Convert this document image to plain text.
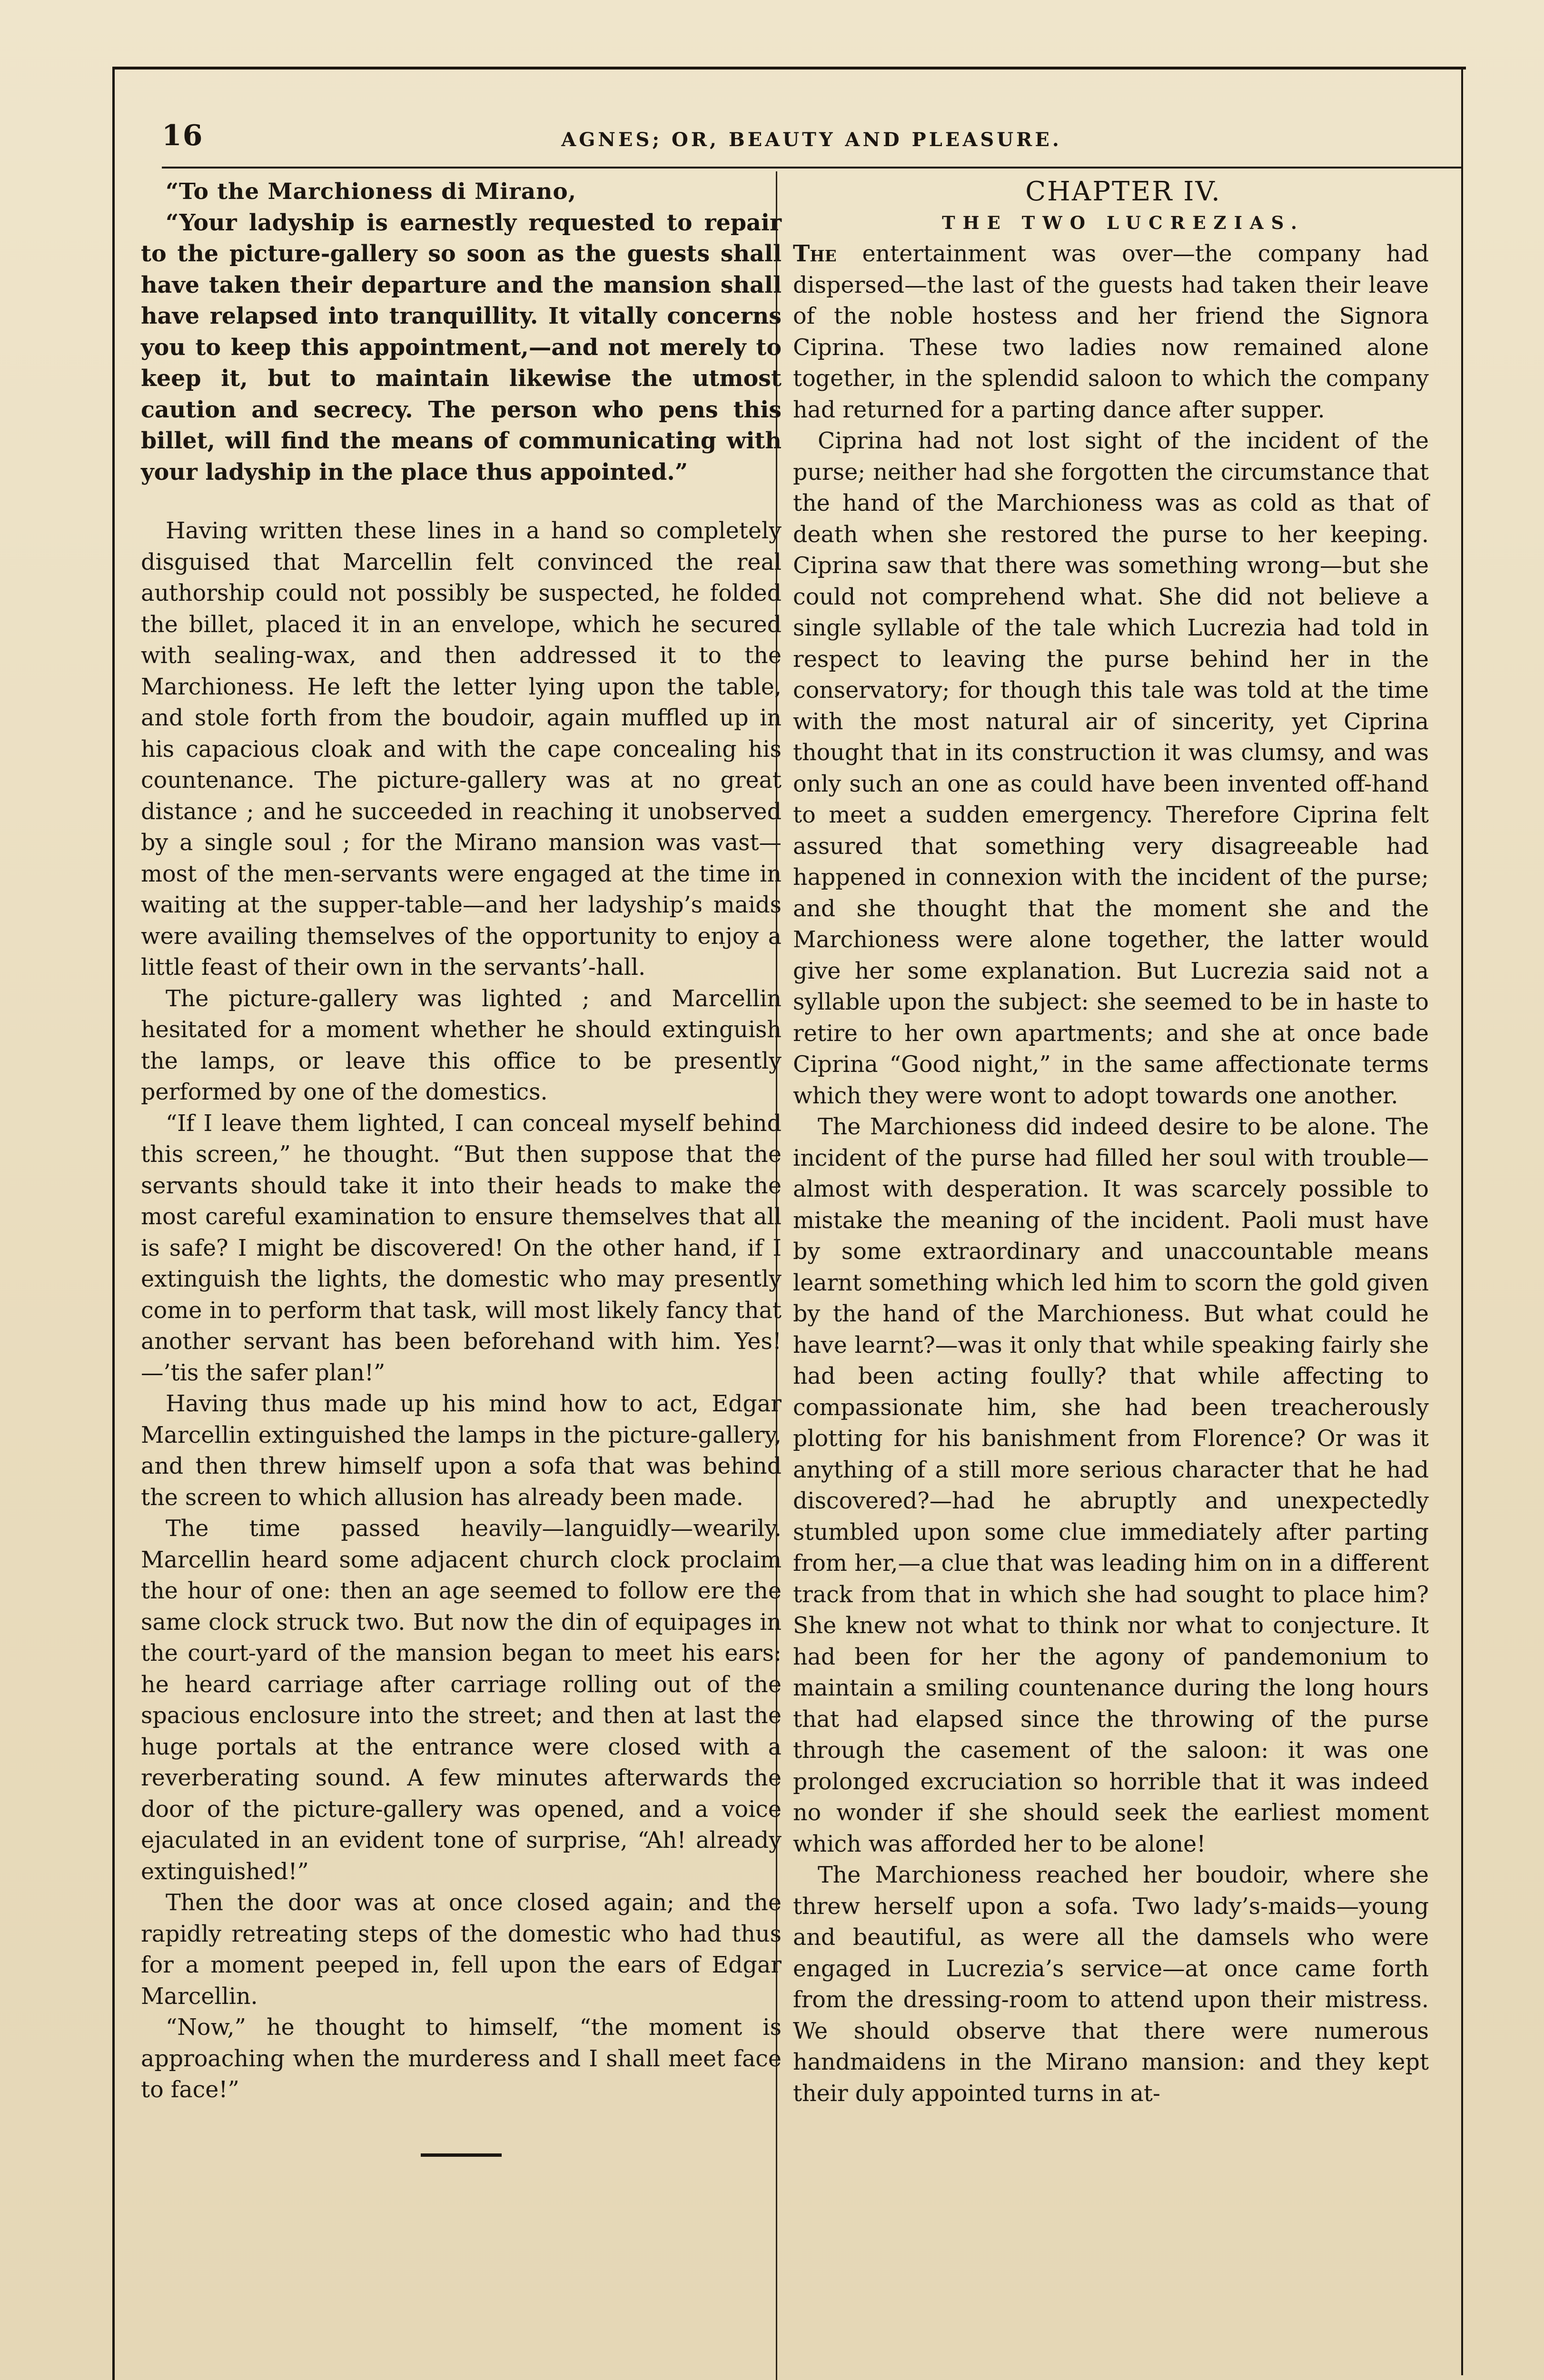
16	AGNES; OR, BEAUTY AND PLEASURE.

“To the Marchioness di Mirano,

“Your ladyship is earnestly requested to repair to the picture-gallery so soon as the guests shall have taken their departure and the mansion shall have relapsed into tranquillity. It vitally concerns you to keep this appointment,—and not merely to keep it, but to maintain likewise the utmost caution and secrecy. The person who pens this billet, will find the means of communicating with your ladyship in the place thus appointed.”

Having written these lines in a hand so completely disguised that Marcellin felt convinced the real authorship could not possibly be suspected, he folded the billet, placed it in an envelope, which he secured with sealing-wax, and then addressed it to the Marchioness. He left the letter lying upon the table, and stole forth from the boudoir, again muffled up in his capacious cloak and with the cape concealing his countenance. The picture-gallery was at no great distance ; and he succeeded in reaching it unobserved by a single soul ; for the Mirano mansion was vast—most of the men-servants were engaged at the time in waiting at the supper-table—and her ladyship’s maids were availing themselves of the opportunity to enjoy a little feast of their own in the servants’-hall.

The picture-gallery was lighted ; and Marcellin hesitated for a moment whether he should extinguish the lamps, or leave this office to be presently performed by one of the domestics.

“If I leave them lighted, I can conceal myself behind this screen,” he thought. “But then suppose that the servants should take it into their heads to make the most careful examination to ensure themselves that all is safe? I might be discovered! On the other hand, if I extinguish the lights, the domestic who may presently come in to perform that task, will most likely fancy that another servant has been beforehand with him. Yes!—’tis the safer plan!”

Having thus made up his mind how to act, Edgar Marcellin extinguished the lamps in the picture-gallery, and then threw himself upon a sofa that was behind the screen to which allusion has already been made.

The time passed heavily—languidly—wearily. Marcellin heard some adjacent church clock proclaim the hour of one: then an age seemed to follow ere the same clock struck two. But now the din of equipages in the court-yard of the mansion began to meet his ears: he heard carriage after carriage rolling out of the spacious enclosure into the street; and then at last the huge portals at the entrance were closed with a reverberating sound. A few minutes afterwards the door of the picture-gallery was opened, and a voice ejaculated in an evident tone of surprise, “Ah! already extinguished!”

Then the door was at once closed again; and the rapidly retreating steps of the domestic who had thus for a moment peeped in, fell upon the ears of Edgar Marcellin.

“Now,” he thought to himself, “the moment is approaching when the murderess and I shall meet face to face!”

CHAPTER IV.

THE TWO LUCREZIAS.

The entertainment was over—the company had dispersed—the last of the guests had taken their leave of the noble hostess and her friend the Signora Ciprina. These two ladies now remained alone together, in the splendid saloon to which the company had returned for a parting dance after supper.

Ciprina had not lost sight of the incident of the purse; neither had she forgotten the circumstance that the hand of the Marchioness was as cold as that of death when she restored the purse to her keeping. Ciprina saw that there was something wrong—but she could not comprehend what. She did not believe a single syllable of the tale which Lucrezia had told in respect to leaving the purse behind her in the conservatory; for though this tale was told at the time with the most natural air of sincerity, yet Ciprina thought that in its construction it was clumsy, and was only such an one as could have been invented off-hand to meet a sudden emergency. Therefore Ciprina felt assured that something very disagreeable had happened in connexion with the incident of the purse; and she thought that the moment she and the Marchioness were alone together, the latter would give her some explanation. But Lucrezia said not a syllable upon the subject: she seemed to be in haste to retire to her own apartments; and she at once bade Ciprina “Good night,” in the same affectionate terms which they were wont to adopt towards one another.

The Marchioness did indeed desire to be alone. The incident of the purse had filled her soul with trouble—almost with desperation. It was scarcely possible to mistake the meaning of the incident. Paoli must have by some extraordinary and unaccountable means learnt something which led him to scorn the gold given by the hand of the Marchioness. But what could he have learnt?—was it only that while speaking fairly she had been acting foully? that while affecting to compassionate him, she had been treacherously plotting for his banishment from Florence? Or was it anything of a still more serious character that he had discovered?—had he abruptly and unexpectedly stumbled upon some clue immediately after parting from her,—a clue that was leading him on in a different track from that in which she had sought to place him? She knew not what to think nor what to conjecture. It had been for her the agony of pandemonium to maintain a smiling countenance during the long hours that had elapsed since the throwing of the purse through the casement of the saloon: it was one prolonged excruciation so horrible that it was indeed no wonder if she should seek the earliest moment which was afforded her to be alone!

The Marchioness reached her boudoir, where she threw herself upon a sofa. Two lady’s-maids—young and beautiful, as were all the damsels who were engaged in Lucrezia’s service—at once came forth from the dressing-room to attend upon their mistress. We should observe that there were numerous handmaidens in the Mirano mansion: and they kept their duly appointed turns in at-
